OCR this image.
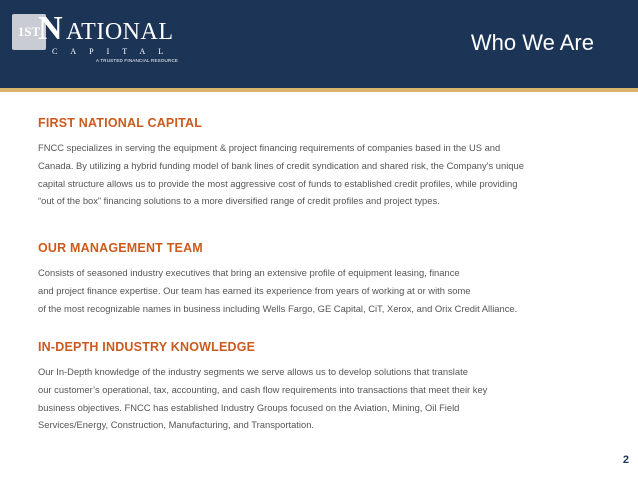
1ST
N ATIONAL
CAPITAL
A TRUSTED FINANCIAL RESOURCE
Who We Are
FIRST NATIONAL CAPITAL
FNCC specializes in serving the equipment & project financing requirements of companies based in the US and
Canada. By utilizing a hybrid funding model of bank lines of credit syndication and shared risk, the Company's unique
capital structure allows us to provide the most aggressive cost of funds to established credit profiles, while providing
“out of the box” financing solutions to a more diversified range of credit profiles and project types.
OUR MANAGEMENT TEAM
Consists of seasoned industry executives that bring an extensive profile of equipment leasing, finance
and project finance expertise. Our team has earned its experience from years of working at or with some
of the most recognizable names in business including Wells Fargo, GE Capital, CiT, Xerox, and Orix Credit Alliance.
IN-DEPTH INDUSTRY KNOWLEDGE
Our In-Depth knowledge of the industry segments we serve allows us to develop solutions that translate
our customer’s operational, tax, accounting, and cash flow requirements into transactions that meet their key
business objectives. FNCC has established Industry Groups focused on the Aviation, Mining, Oil Field
Services/Energy, Construction, Manufacturing, and Transportation.
2
